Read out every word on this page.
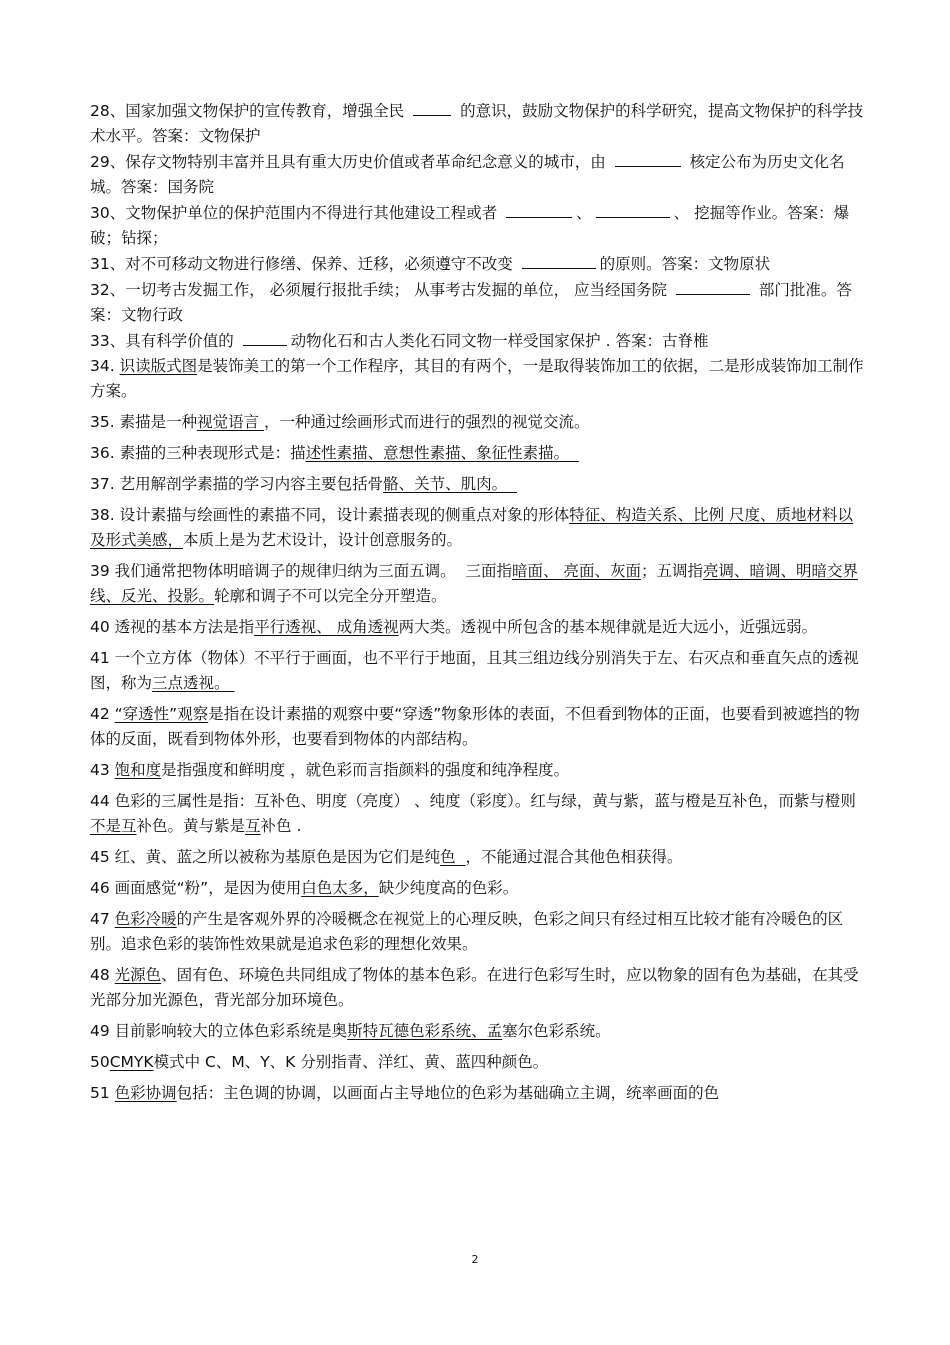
28、国家加强文物保护的宣传教育，增强全民	的意识，鼓励文物保护的科学研究，提高文物保护的科学技术水平。答案：文物保护

29、保存文物特别丰富并且具有重大历史价值或者革命纪念意义的城市，由	核定公布为历史文化名城。答案：国务院

30、文物保护单位的保护范围内不得进行其他建设工程或者	、	、 挖掘等作业。答案：爆破；钻探；

31、对不可移动文物进行修缮、保养、迁移，必须遵守不改变	的原则。答案：文物原状

32、一切考古发掘工作， 必须履行报批手续； 从事考古发掘的单位， 应当经国务院	部门批准。答案：文物行政

33、具有科学价值的	动物化石和古人类化石同文物一样受国家保护 . 答案：古脊椎

34. 识读版式图是装饰美工的第一个工作程序，其目的有两个，一是取得装饰加工的依据，二是形成装饰加工制作方案。

35. 素描是一种视觉语言 ，一种通过绘画形式而进行的强烈的视觉交流。

36. 素描的三种表现形式是：描述性素描、意想性素描、象征性素描。

37. 艺用解剖学素描的学习内容主要包括骨骼、关节、肌肉。

38. 设计素描与绘画性的素描不同，设计素描表现的侧重点对象的形体特征、构造关系、比例 尺度、质地材料以及形式美感，本质上是为艺术设计，设计创意服务的。

39 我们通常把物体明暗调子的规律归纳为三面五调。  三面指暗面、 亮面、灰面；五调指亮调、暗调、明暗交界线、反光、投影。轮廓和调子不可以完全分开塑造。

40 透视的基本方法是指平行透视、 成角透视两大类。透视中所包含的基本规律就是近大远小，近强远弱。

41 一个立方体（物体）不平行于画面，也不平行于地面，且其三组边线分别消失于左、右灭点和垂直矢点的透视图，称为三点透视。

42 “穿透性”观察是指在设计素描的观察中要“穿透”物象形体的表面，不但看到物体的正面，也要看到被遮挡的物体的反面，既看到物体外形，也要看到物体的内部结构。

43 饱和度是指强度和鲜明度 ，就色彩而言指颜料的强度和纯净程度。

44 色彩的三属性是指：互补色、明度（亮度） 、纯度（彩度）。红与绿，黄与紫，蓝与橙是互补色，而紫与橙则不是互补色。黄与紫是互补色 .

45 红、黄、蓝之所以被称为基原色是因为它们是纯色  ，不能通过混合其他色相获得。

46 画面感觉“粉”，是因为使用白色太多，缺少纯度高的色彩。

47 色彩冷暖的产生是客观外界的冷暖概念在视觉上的心理反映，色彩之间只有经过相互比较才能有冷暖色的区别。追求色彩的装饰性效果就是追求色彩的理想化效果。

48 光源色、固有色、环境色共同组成了物体的基本色彩。在进行色彩写生时，应以物象的固有色为基础，在其受光部分加光源色，背光部分加环境色。

49 目前影响较大的立体色彩系统是奥斯特瓦德色彩系统、孟塞尔色彩系统。

50CMYK模式中 C、M、Y、K 分别指青、洋红、黄、蓝四种颜色。

51 色彩协调包括：主色调的协调，以画面占主导地位的色彩为基础确立主调，统率画面的色

2
